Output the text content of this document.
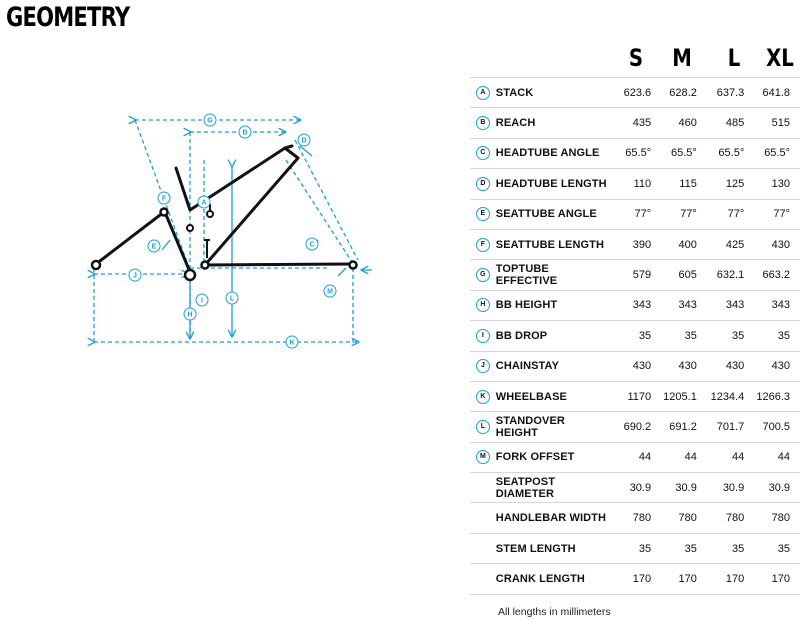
GEOMETRY
G
B
D
F
A
E	C
J
I	L
M
H
K
S	M	L	XL
A	STACK	623.6	628.2	637.3	641.8
B	REACH	435	460	485	515
C	HEADTUBE ANGLE	65.5°	65.5°	65.5°	65.5°
D	HEADTUBE LENGTH	110	115	125	130
E	SEATTUBE ANGLE	77°	77°	77°	77°
F	SEATTUBE LENGTH	390	400	425	430
G	TOPTUBE EFFECTIVE	579	605	632.1	663.2
H	BB HEIGHT	343	343	343	343
I	BB DROP	35	35	35	35
J	CHAINSTAY	430	430	430	430
K	WHEELBASE	1170	1205.1	1234.4	1266.3
L	STANDOVER HEIGHT	690.2	691.2	701.7	700.5
M	FORK OFFSET	44	44	44	44
	SEATPOST DIAMETER	30.9	30.9	30.9	30.9
	HANDLEBAR WIDTH	780	780	780	780
	STEM LENGTH	35	35	35	35
	CRANK LENGTH	170	170	170	170
All lengths in millimeters
